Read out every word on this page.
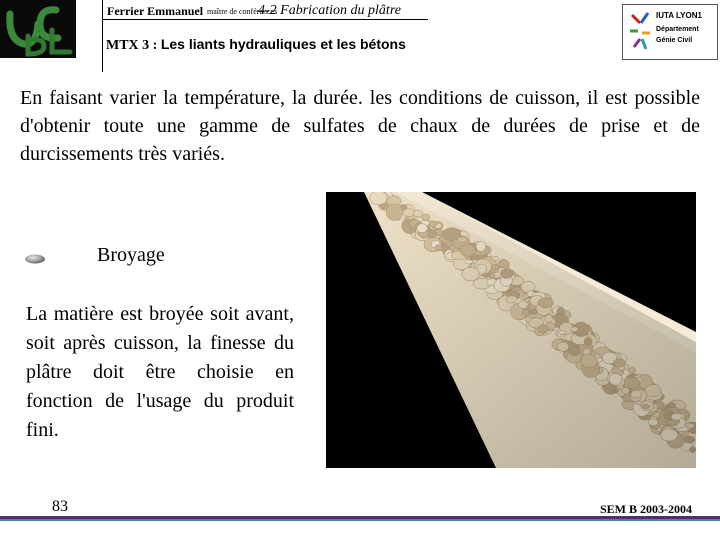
UCB
Ferrier Emmanuel maître de conférences
4-2 Fabrication du plâtre
MTX 3 : Les liants hydrauliques et les bétons
IUTA LYON1
Département
Génie Civil
En faisant varier la température, la durée. les conditions de cuisson, il est possible d'obtenir toute une gamme de sulfates de chaux de durées de prise et de durcissements très variés.
Broyage
La matière est broyée soit avant, soit après cuisson, la finesse du plâtre doit être choisie en fonction de l'usage du produit fini.
83	SEM B 2003-2004
